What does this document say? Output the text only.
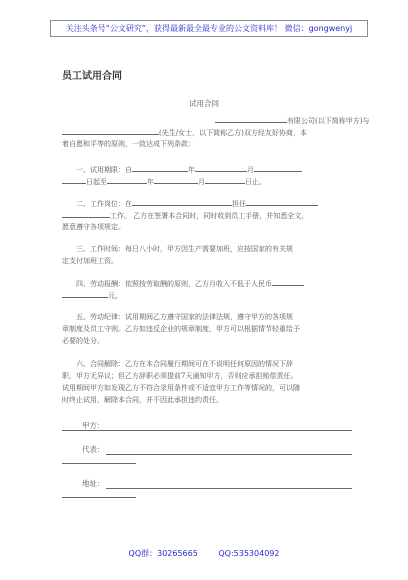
关注头条号“公文研究”，获得最新最全最专业的公文资料库！ 微信：gongwenyj
员工试用合同
试用合同
有限公司(以下简称甲方)与
(先生/女士，以下简称乙方)双方经友好协商，本
着自愿和平等的原则，一致达成下列条款：
一、试用期限：自	年	月
日起至	年	月	日止。
二、工作岗位：在	担任
工作。 乙方在签署本合同时，同时收到员工手册，并知悉全文，
愿意遵守各项规定。
三、工作时间：每日八小时，甲方因生产需要加班，应按国家的有关规
定支付加班工资。
四、劳动报酬：依照按劳取酬的原则，乙方月收入不低于人民币
元。
五、劳动纪律：试用期间乙方遵守国家的法律法规，遵守甲方的各项规
章制度及员工守则。乙方如违反企业的规章制度，甲方可以根据情节轻重给予
必要的处分。
六、合同解除：乙方在本合同履行期间可在不说明任何原因的情况下辞
职，甲方无异议；但乙方辞职必须提前7天通知甲方，否则应承担赔偿责任。
试用期间甲方如发现乙方不符合录用条件或不适宜甲方工作等情况的，可以随
时终止试用，解除本合同，并不因此承担违约责任。
甲方：
代表：
地址：
QQ群：30265665 QQ:535304092
